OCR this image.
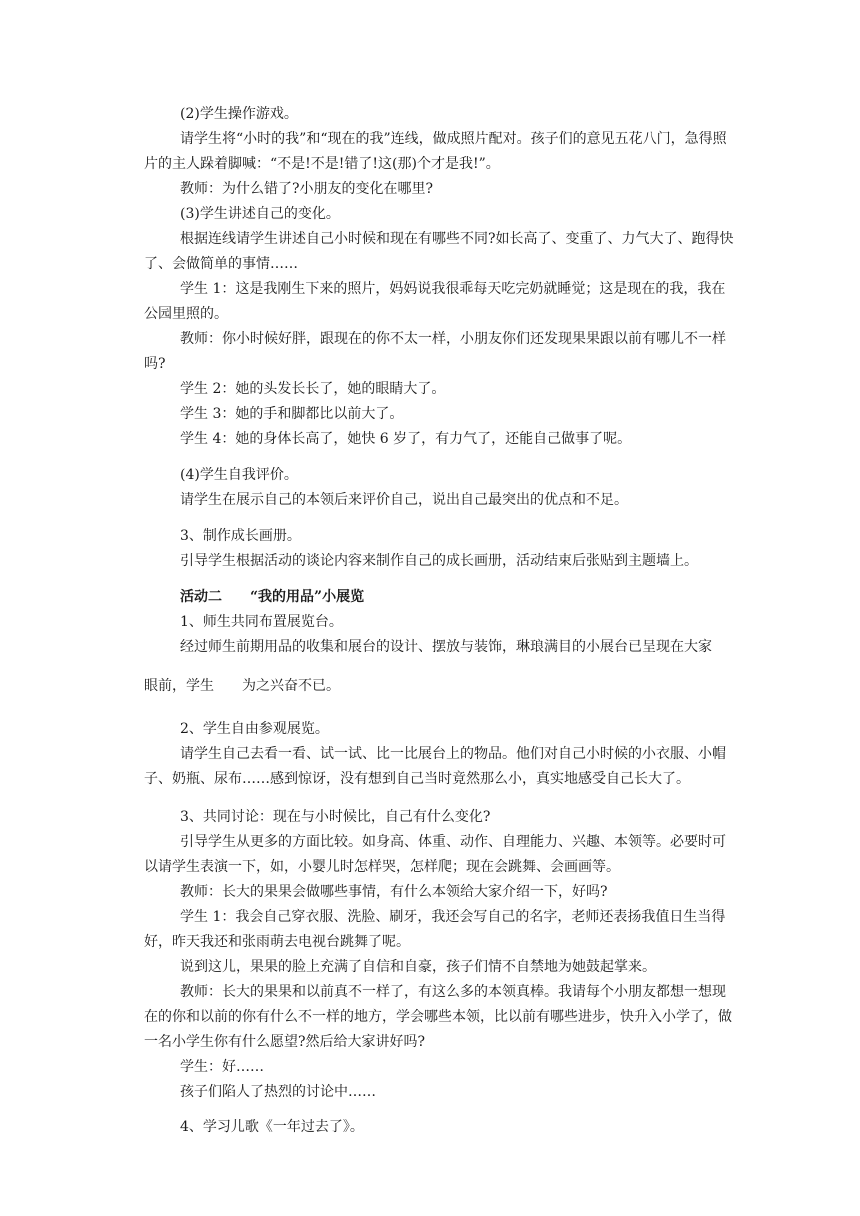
(2)学生操作游戏。

请学生将“小时的我”和“现在的我”连线，做成照片配对。孩子们的意见五花八门，急得照片的主人跺着脚喊：“不是!不是!错了!这(那)个才是我!”。

教师：为什么错了?小朋友的变化在哪里?

(3)学生讲述自己的变化。

根据连线请学生讲述自己小时候和现在有哪些不同?如长高了、变重了、力气大了、跑得快了、会做简单的事情……

学生 1：这是我刚生下来的照片，妈妈说我很乖每天吃完奶就睡觉；这是现在的我，我在公园里照的。

教师：你小时候好胖，跟现在的你不太一样，小朋友你们还发现果果跟以前有哪儿不一样吗?

学生 2：她的头发长长了，她的眼睛大了。

学生 3：她的手和脚都比以前大了。

学生 4：她的身体长高了，她快 6 岁了，有力气了，还能自己做事了呢。

(4)学生自我评价。

请学生在展示自己的本领后来评价自己，说出自己最突出的优点和不足。

3、制作成长画册。

引导学生根据活动的谈论内容来制作自己的成长画册，活动结束后张贴到主题墙上。

活动二　　“我的用品”小展览

1、师生共同布置展览台。

经过师生前期用品的收集和展台的设计、摆放与装饰，琳琅满目的小展台已呈现在大家

眼前，学生　　为之兴奋不已。

2、学生自由参观展览。

请学生自己去看一看、试一试、比一比展台上的物品。他们对自己小时候的小衣服、小帽子、奶瓶、尿布……感到惊讶，没有想到自己当时竟然那么小，真实地感受自己长大了。

3、共同讨论：现在与小时候比，自己有什么变化?

引导学生从更多的方面比较。如身高、体重、动作、自理能力、兴趣、本领等。必要时可以请学生表演一下，如，小婴儿时怎样哭，怎样爬；现在会跳舞、会画画等。

教师：长大的果果会做哪些事情，有什么本领给大家介绍一下，好吗?

学生 1：我会自己穿衣服、洗脸、刷牙，我还会写自己的名字，老师还表扬我值日生当得好，昨天我还和张雨萌去电视台跳舞了呢。

说到这儿，果果的脸上充满了自信和自豪，孩子们情不自禁地为她鼓起掌来。

教师：长大的果果和以前真不一样了，有这么多的本领真棒。我请每个小朋友都想一想现在的你和以前的你有什么不一样的地方，学会哪些本领，比以前有哪些进步，快升入小学了，做一名小学生你有什么愿望?然后给大家讲好吗?

学生：好……

孩子们陷人了热烈的讨论中……

4、学习儿歌《一年过去了》。
